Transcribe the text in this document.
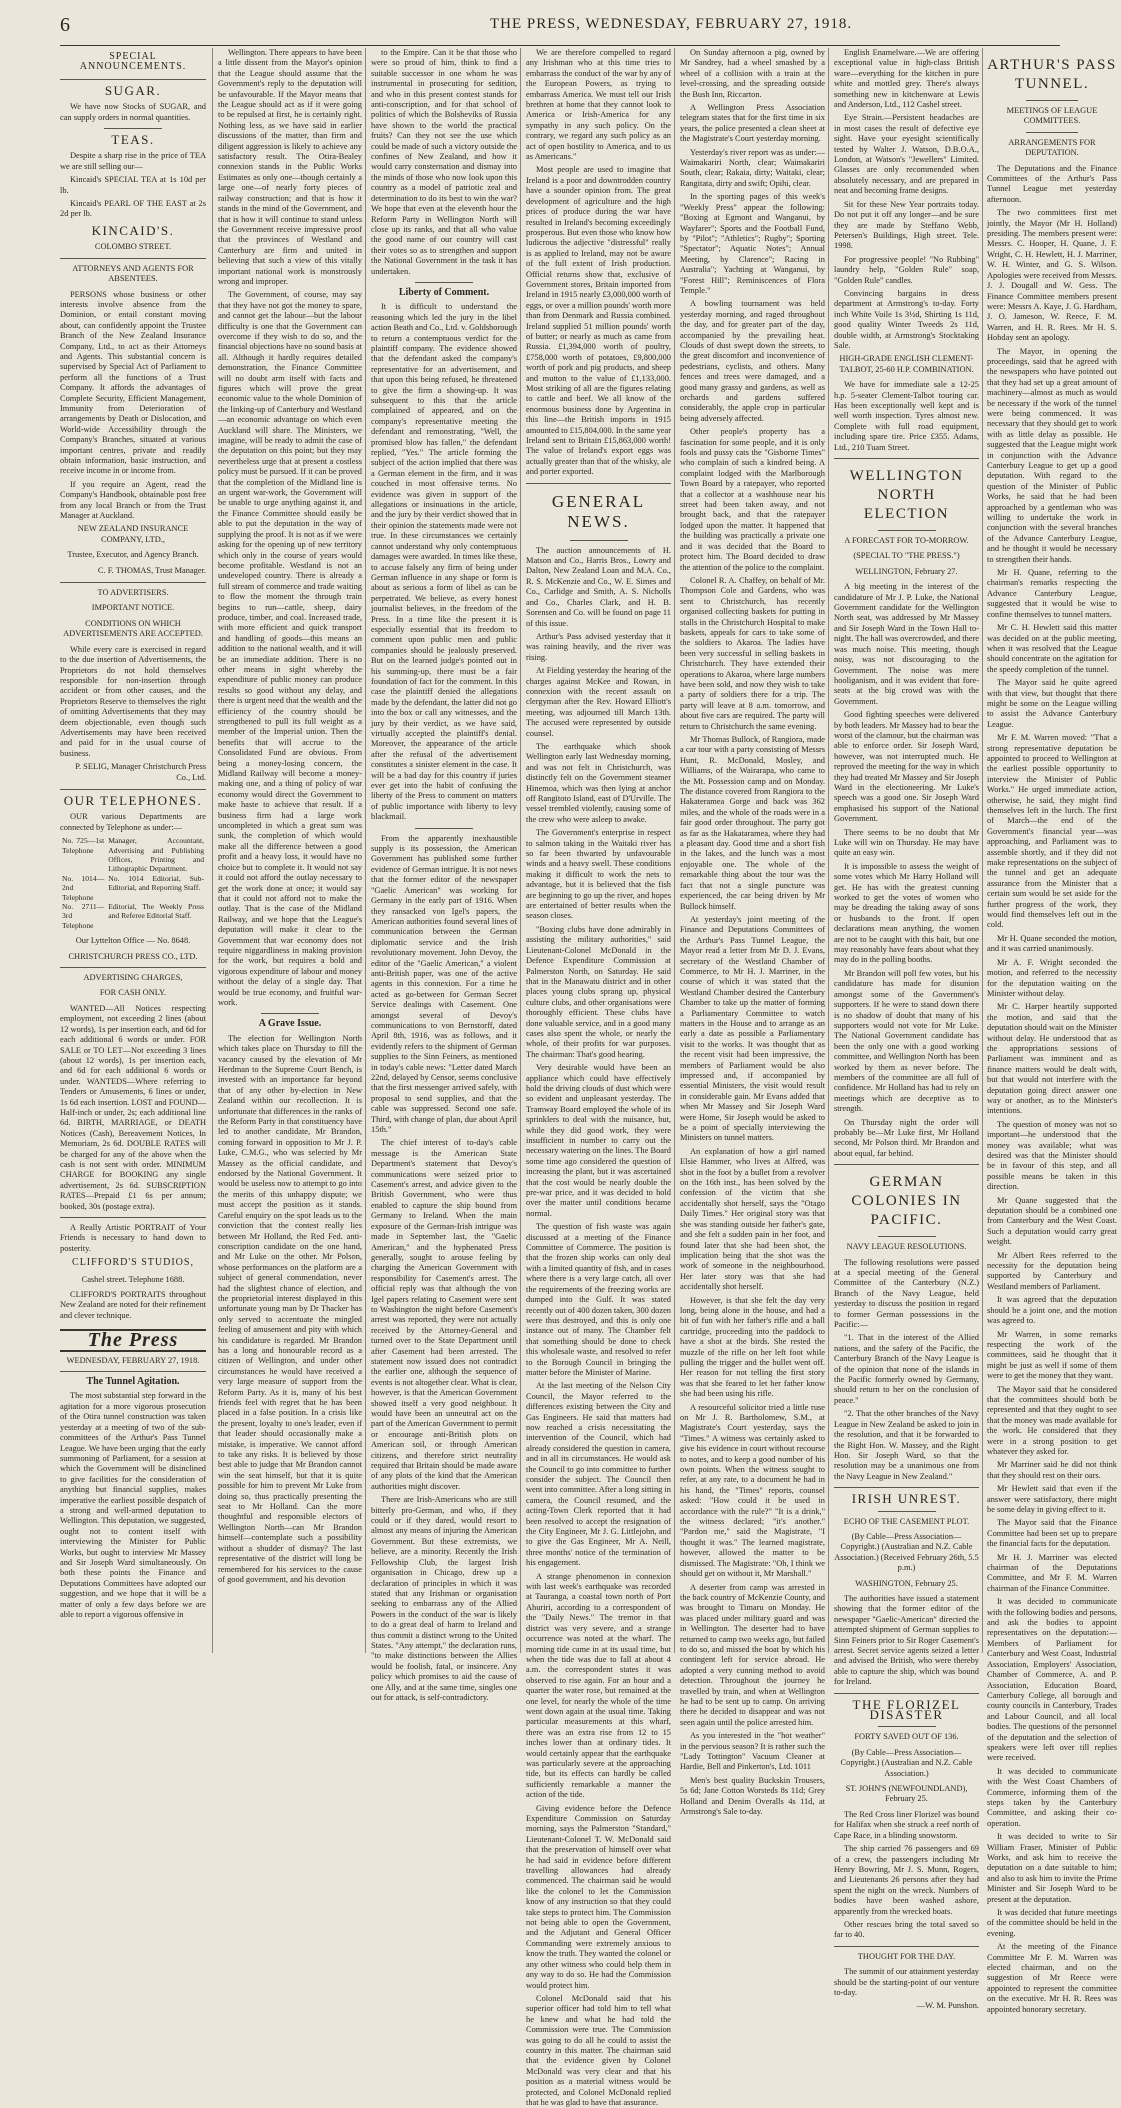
6	THE PRESS, WEDNESDAY, FEBRUARY 27, 1918.
SPECIAL ANNOUNCEMENTS.
SUGAR.

We have now Stocks of SUGAR, and can supply orders in normal quantities.

TEAS.

Despite a sharp rise in the price of TEA we are still selling our—

Kincaid's SPECIAL TEA at 1s 10d per lb.

Kincaid's PEARL OF THE EAST at 2s 2d per lb.

KINCAID'S.
COLOMBO STREET.
ATTORNEYS AND AGENTS FOR ABSENTEES.

PERSONS whose business or other interests involve absence from the Dominion, or entail constant moving about, can confidently appoint the Trustee Branch of the New Zealand Insurance Company, Ltd., to act as their Attorneys and Agents. This substantial concern is supervised by Special Act of Parliament to perform all the functions of a Trust Company. It affords the advantages of Complete Security, Efficient Management, Immunity from Deterioration of arrangements by Death or Dislocation, and World-wide Accessibility through the Company's Branches, situated at various important centres, private and readily obtain information, basic instruction, and receive income in or income from.

If you require an Agent, read the Company's Handbook, obtainable post free from any local Branch or from the Trust Manager at Auckland.

NEW ZEALAND INSURANCE COMPANY, LTD.,
Trustee, Executor, and Agency Branch.
C. F. THOMAS, Trust Manager.
TO ADVERTISERS.
IMPORTANT NOTICE.
CONDITIONS ON WHICH ADVERTISEMENTS ARE ACCEPTED.

While every care is exercised in regard to the due insertion of Advertisements, the Proprietors do not hold themselves responsible for non-insertion through accident or from other causes, and the Proprietors Reserve to themselves the right of omitting Advertisements that they may deem objectionable, even though such Advertisements may have been received and paid for in the usual course of business.

P. SELIG, Manager Christchurch Press Co., Ltd.
OUR TELEPHONES.

OUR various Departments are connected by Telephone as under:—

No. 725—1st Telephone	Manager, Accountant, Advertising and Publishing Offices, Printing and Lithographic Department.
No. 1014—2nd Telephone	No. 1014 Editorial, Sub-Editorial, and Reporting Staff.
No. 2711—3rd Telephone	Editorial, The Weekly Press and Referee Editorial Staff.
Our Lyttelton Office — No. 8648.
CHRISTCHURCH PRESS CO., LTD.
ADVERTISING CHARGES,
FOR CASH ONLY.

WANTED—All Notices respecting employment, not exceeding 2 lines (about 12 words), 1s per insertion each, and 6d for each additional 6 words or under. FOR SALE or TO LET—Not exceeding 3 lines (about 12 words), 1s per insertion each, and 6d for each additional 6 words or under. WANTEDS—Where referring to Tenders or Amusements, 6 lines or under, 1s 6d each insertion. LOST and FOUND—Half-inch or under, 2s; each additional line 6d. BIRTH, MARRIAGE, or DEATH Notices (Cash), Bereavement Notices, In Memoriam, 2s 6d. DOUBLE RATES will be charged for any of the above when the cash is not sent with order. MINIMUM CHARGE for BOOKING any single advertisement, 2s 6d. SUBSCRIPTION RATES—Prepaid £1 6s per annum; booked, 30s (postage extra).

A Really Artistic PORTRAIT of Your Friends is necessary to hand down to posterity.

CLIFFORD'S STUDIOS,
Cashel street. Telephone 1688.

CLIFFORD'S PORTRAITS throughout New Zealand are noted for their refinement and clever technique.

The Press
WEDNESDAY, FEBRUARY 27, 1918.
The Tunnel Agitation.

The most substantial step forward in the agitation for a more vigorous prosecution of the Otira tunnel construction was taken yesterday at a meeting of two of the sub-committees of the Arthur's Pass Tunnel League. We have been urging that the early summoning of Parliament, for a session at which the Government will be disinclined to give facilities for the consideration of anything but financial supplies, makes imperative the earliest possible despatch of a strong and well-armed deputation to Wellington. This deputation, we suggested, ought not to content itself with interviewing the Minister for Public Works, but ought to interview Mr Massey and Sir Joseph Ward simultaneously. On both these points the Finance and Deputations Committees have adopted our suggestion, and we hope that it will be a matter of only a few days before we are able to report a vigorous offensive in

Wellington. There appears to have been a little dissent from the Mayor's opinion that the League should assume that the Government's reply to the deputation will be unfavourable. If the Mayor means that the League should act as if it were going to be repulsed at first, he is certainly right. Nothing less, as we have said in earlier discussions of the matter, than firm and diligent aggression is likely to achieve any satisfactory result. The Otira-Bealey connexion stands in the Public Works Estimates as only one—though certainly a large one—of nearly forty pieces of railway construction; and that is how it stands in the mind of the Government, and that is how it will continue to stand unless the Government receive impressive proof that the provinces of Westland and Canterbury are firm and united in believing that such a view of this vitally important national work is monstrously wrong and improper.

The Government, of course, may say that they have not got the money to spare, and cannot get the labour—but the labour difficulty is one that the Government can overcome if they wish to do so, and the financial objections have no sound basis at all. Although it hardly requires detailed demonstration, the Finance Committee will no doubt arm itself with facts and figures which will prove the great economic value to the whole Dominion of the linking-up of Canterbury and Westland—an economic advantage on which even Auckland will share. The Ministers, we imagine, will be ready to admit the case of the deputation on this point; but they may nevertheless urge that at present a costless policy must be pursued. If it can be proved that the completion of the Midland line is an urgent war-work, the Government will be unable to urge anything against it, and the Finance Committee should easily be able to put the deputation in the way of supplying the proof. It is not as if we were asking for the opening up of new territory which only in the course of years would become profitable. Westland is not an undeveloped country. There is already a full stream of commerce and trade waiting to flow the moment the through train begins to run—cattle, sheep, dairy produce, timber, and coal. Increased trade, with more efficient and quick transport and handling of goods—this means an addition to the national wealth, and it will be an immediate addition. There is no other means in sight whereby the expenditure of public money can produce results so good without any delay, and there is urgent need that the wealth and the efficiency of the country should be strengthened to pull its full weight as a member of the Imperial union. Then the benefits that will accrue to the Consolidated Fund are obvious. From being a money-losing concern, the Midland Railway will become a money-making one, and a thing of policy of war economy would direct the Government to make haste to achieve that result. If a business firm had a large work uncompleted in which a great sum was sunk, the completion of which would make all the difference between a good profit and a heavy loss, it would have no choice but to complete it. It would not say it could not afford the outlay necessary to get the work done at once; it would say that it could not afford not to make the outlay. That is the case of the Midland Railway, and we hope that the League's deputation will make it clear to the Government that war economy does not require niggardliness in making provision for the work, but requires a bold and vigorous expenditure of labour and money without the delay of a single day. That would be true economy, and fruitful war-work.

A Grave Issue.

The election for Wellington North which takes place on Thursday to fill the vacancy caused by the elevation of Mr Herdman to the Supreme Court Bench, is invested with an importance far beyond that of any other by-election in New Zealand within our recollection. It is unfortunate that differences in the ranks of the Reform Party in that constituency have led to another candidate, Mr Brandon, coming forward in opposition to Mr J. P. Luke, C.M.G., who was selected by Mr Massey as the official candidate, and endorsed by the National Government. It would be useless now to attempt to go into the merits of this unhappy dispute; we must accept the position as it stands. Careful enquiry on the spot leads us to the conviction that the contest really lies between Mr Holland, the Red Fed. anti-conscription candidate on the one hand, and Mr Luke on the other. Mr Polson, whose performances on the platform are a subject of general commendation, never had the slightest chance of election, and the proprietorial interest displayed in this unfortunate young man by Dr Thacker has only served to accentuate the mingled feeling of amusement and pity with which his candidature is regarded. Mr Brandon has a long and honourable record as a citizen of Wellington, and under other circumstances he would have received a very large measure of support from the Reform Party. As it is, many of his best friends feel with regret that he has been placed in a false position. In a crisis like the present, loyalty to one's leader, even if that leader should occasionally make a mistake, is imperative. We cannot afford to take any risks. It is believed by those best able to judge that Mr Brandon cannot win the seat himself, but that it is quite possible for him to prevent Mr Luke from doing so, thus practically presenting the seat to Mr Holland. Can the more thoughtful and responsible electors of Wellington North—can Mr Brandon himself—contemplate such a possibility without a shudder of dismay? The last representative of the district will long be remembered for his services to the cause of good government, and his devotion

to the Empire. Can it be that those who were so proud of him, think to find a suitable successor in one whom he was instrumental in prosecuting for sedition, and who in this present contest stands for anti-conscription, and for that school of politics of which the Bolsheviks of Russia have shown to the world the practical fruits? Can they not see the use which could be made of such a victory outside the confines of New Zealand, and how it would carry consternation and dismay into the minds of those who now look upon this country as a model of patriotic zeal and determination to do its best to win the war? We hope that even at the eleventh hour the Reform Party in Wellington North will close up its ranks, and that all who value the good name of our country will cast their votes so as to strengthen and support the National Government in the task it has undertaken.

Liberty of Comment.

It is difficult to understand the reasoning which led the jury in the libel action Beath and Co., Ltd. v. Goldsborough to return a contemptuous verdict for the plaintiff company. The evidence showed that the defendant asked the company's representative for an advertisement, and that upon this being refused, he threatened to give the firm a showing-up. It was subsequent to this that the article complained of appeared, and on the company's representative meeting the defendant and remonstrating, "Well, the promised blow has fallen," the defendant replied, "Yes." The article forming the subject of the action implied that there was a German element in the firm, and it was couched in most offensive terms. No evidence was given in support of the allegations or insinuations in the article, and the jury by their verdict showed that in their opinion the statements made were not true. In these circumstances we certainly cannot understand why only contemptuous damages were awarded. In times like these, to accuse falsely any firm of being under German influence in any shape or form is about as serious a form of libel as can be perpetrated. We believe, as every honest journalist believes, in the freedom of the Press. In a time like the present it is especially essential that its freedom to comment upon public men and public companies should be jealously preserved. But on the learned judge's pointed out in his summing-up, there must be a fair foundation of fact for the comment. In this case the plaintiff denied the allegations made by the defendant, the latter did not go into the box or call any witnesses, and the jury by their verdict, as we have said, virtually accepted the plaintiff's denial. Moreover, the appearance of the article after the refusal of the advertisement constitutes a sinister element in the case. It will be a bad day for this country if juries ever get into the habit of confusing the liberty of the Press to comment on matters of public importance with liberty to levy blackmail.

From the apparently inexhaustible supply is its possession, the American Government has published some further evidence of German intrigue. It is not news that the former editor of the newspaper "Gaelic American" was working for Germany in the early part of 1916. When they ransacked von Igel's papers, the American authorities found several lines of communication between the German diplomatic service and the Irish revolutionary movement. John Devoy, the editor of the "Gaelic American," a violent anti-British paper, was one of the active agents in this connexion. For a time he acted as go-between for German Secret Service dealings with Casement. One amongst several of Devoy's communications to von Bernstorff, dated April 8th, 1916, was as follows, and it evidently refers to the shipment of German supplies to the Sinn Feiners, as mentioned in today's cable news: "Letter dated March 22nd, delayed by Censor, seems conclusive that the first messenger arrived safely, with proposal to send supplies, and that the cable was suppressed. Second one safe. Third, with change of plan, due about April 15th."

The chief interest of to-day's cable message is the American State Department's statement that Devoy's communications were seized prior to Casement's arrest, and advice given to the British Government, who were thus enabled to capture the ship bound from Germany to Ireland. When the main exposure of the German-Irish intrigue was made in September last, the "Gaelic American," and the hyphenated Press generally, sought to arouse feeling by charging the American Government with responsibility for Casement's arrest. The official reply was that although the von Igel papers relating to Casement were sent to Washington the night before Casement's arrest was reported, they were not actually received by the Attorney-General and turned over to the State Department until after Casement had been arrested. The statement now issued does not contradict the earlier one, although the sequence of events is not altogether clear. What is clear, however, is that the American Government showed itself a very good neighbour. It would have been an unneutral act on the part of the American Government to permit or encourage anti-British plots on American soil, or through American citizens, and therefore strict neutrality required that Britain should be made aware of any plots of the kind that the American authorities might discover.

There are Irish-Americans who are still bitterly pro-German, and who, if they could or if they dared, would resort to almost any means of injuring the American Government. But these extremists, we believe, are a minority. Recently the Irish Fellowship Club, the largest Irish organisation in Chicago, drew up a declaration of principles in which it was stated that any Irishman or organisation seeking to embarrass any of the Allied Powers in the conduct of the war is likely to do a great deal of harm to Ireland and thus commit a distinct wrong to the United States. "Any attempt," the declaration runs, "to make distinctions between the Allies would be foolish, fatal, or insincere. Any policy which promises to aid the cause of one Ally, and at the same time, singles one out for attack, is self-contradictory.

We are therefore compelled to regard any Irishman who at this time tries to embarrass the conduct of the war by any of the European Powers, as trying to embarrass America. We must tell our Irish brethren at home that they cannot look to America or Irish-America for any sympathy in any such policy. On the contrary, we regard any such policy as an act of open hostility to America, and to us as Americans."

Most people are used to imagine that Ireland is a poor and downtrodden country have a sounder opinion from. The great development of agriculture and the high prices of produce during the war have resulted in Ireland's becoming exceedingly prosperous. But even those who know how ludicrous the adjective "distressful" really is as applied to Ireland, may not be aware of the full extent of Irish production. Official returns show that, exclusive of Government stores, Britain imported from Ireland in 1915 nearly £3,000,000 worth of eggs, or over a million pounds' worth more than from Denmark and Russia combined. Ireland supplied 51 million pounds' worth of butter; or nearly as much as came from Russia. £1,394,000 worth of poultry, £758,000 worth of potatoes, £9,800,000 worth of pork and pig products, and sheep and mutton to the value of £1,133,000. Most striking of all are the figures relating to cattle and beef. We all know of the enormous business done by Argentina in this line—the British imports in 1915 amounted to £15,804,000. In the same year Ireland sent to Britain £15,863,000 worth! The value of Ireland's export eggs was actually greater than that of the whisky, ale and porter exported.

GENERAL NEWS.

The auction announcements of H. Matson and Co., Harris Bros., Lowry and Dalton, New Zealand Loan and M.A. Co., R. S. McKenzie and Co., W. E. Simes and Co., Carlidge and Smith, A. S. Nicholls and Co., Charles Clark, and H. B. Sorensen and Co. will be found on page 11 of this issue.

Arthur's Pass advised yesterday that it was raining heavily, and the river was rising.

At Fielding yesterday the hearing of the charges against McKee and Rowan, in connexion with the recent assault on clergyman after the Rev. Howard Elliott's meeting, was adjourned till March 13th. The accused were represented by outside counsel.

The earthquake which shook Wellington early last Wednesday morning, and was not felt in Christchurch, was distinctly felt on the Government steamer Hinemoa, which was then lying at anchor off Rangitoto Island, east of D'Urville. The vessel trembled violently, causing some of the crew who were asleep to awake.

The Government's enterprise in respect to salmon taking in the Waitaki river has so far been thwarted by unfavourable winds and a heavy swell. These conditions making it difficult to work the nets to advantage, but it is believed that the fish are beginning to go up the river, and hopes are entertained of better results when the season closes.

"Boxing clubs have done admirably in assisting the military authorities," said Lieutenant-Colonel McDonald in the Defence Expenditure Commission at Palmerston North, on Saturday. He said that in the Manawatu district and in other places young clubs sprang up, physical culture clubs, and other organisations were thoroughly efficient. These clubs have done valuable service, and in a good many cases also spent the whole, or nearly the whole, of their profits for war purposes. The chairman: That's good hearing.

Very desirable would have been an appliance which could have effectively hold the driving clouds of dust which were so evident and unpleasant yesterday. The Tramway Board employed the whole of its sprinklers to deal with the nuisance, but, while they did good work, they were insufficient in number to carry out the necessary watering on the lines. The Board some time ago considered the question of increasing the plant, but it was ascertained that the cost would be nearly double the pre-war price, and it was decided to hold over the matter until conditions became normal.

The question of fish waste was again discussed at a meeting of the Finance Committee of Commerce. The position is that the frozen ship works can only deal with a limited quantity of fish, and in cases where there is a very large catch, all over the requirements of the freezing works are dumped into the Gulf. It was stated recently out of 400 dozen taken, 300 dozen were thus destroyed, and this is only one instance out of many. The Chamber felt that something should be done to check this wholesale waste, and resolved to refer to the Borough Council in bringing the matter before the Minister of Marine.

At the last meeting of the Nelson City Council, the Mayor referred to the differences existing between the City and Gas Engineers. He said that matters had now reached a crisis necessitating the intervention of the Council, which had already considered the question in camera, and in all its circumstances. He would ask the Council to go into committee to further consider the subject. The Council then went into committee. After a long sitting in camera, the Council resumed, and the acting-Town Clerk reported that it had been resolved to accept the resignation of the City Engineer, Mr J. G. Littlejohn, and to give the Gas Engineer, Mr A. Neill, three months' notice of the termination of his engagement.

A strange phenomenon in connexion with last week's earthquake was recorded at Tauranga, a coastal town north of Port Ahuriri, according to a correspondent of the "Daily News." The tremor in that district was very severe, and a strange occurrence was noted at the wharf. The morning tide came in at its usual time, but when the tide was due to fall at about 4 a.m. the correspondent states it was observed to rise again. For an hour and a quarter the water rose, but remained at the one level, for nearly the whole of the time went down again at the usual time. Taking particular measurements at this wharf, there was an extra rise from 12 to 15 inches lower than at ordinary tides. It would certainly appear that the earthquake was particularly severe at the approaching tide, but its effects can hardly be called sufficiently remarkable a manner the action of the tide.

Giving evidence before the Defence Expenditure Commission on Saturday morning, says the Palmerston "Standard," Lieutenant-Colonel T. W. McDonald said that the preservation of himself over what he had said in evidence before different travelling allowances had already commenced. The chairman said he would like the colonel to let the Commission know of any instruction so that they could take steps to protect him. The Commission not being able to open the Government, and the Adjutant and General Officer Commanding were extremely anxious to know the truth. They wanted the colonel or any other witness who could help them in any way to do so. He had the Commission would protect him.

Colonel McDonald said that his superior officer had told him to tell what he knew and what he had told the Commission were true. The Commission was going to do all he could to assist the country in this matter. The chairman said that the evidence given by Colonel McDonald was very clear and that his position as a material witness would be protected, and Colonel McDonald replied that he was glad to have that assurance.

On Sunday afternoon a pig, owned by Mr Sandrey, had a wheel smashed by a wheel of a collision with a train at the level-crossing, and the spreading outside the Bush Inn, Riccarton.

A Wellington Press Association telegram states that for the first time in six years, the police presented a clean sheet at the Magistrate's Court yesterday morning.

Yesterday's river report was as under:—Waimakariri North, clear; Waimakariri South, clear; Rakaia, dirty; Waitaki, clear; Rangitata, dirty and swift; Opihi, clear.

In the sporting pages of this week's "Weekly Press" appear the following: "Boxing at Egmont and Wanganui, by Wayfarer"; Sports and the Football Fund, by "Pilot"; "Athletics"; Rugby"; Sporting "Spectator"; Aquatic Notes"; Annual Meeting, by Clarence"; Racing in Australia"; Yachting at Wanganui, by "Forest Hill"; Reminiscences of Flora Temple."

A bowling tournament was held yesterday morning, and raged throughout the day, and for greater part of the day, accompanied by the prevailing heat. Clouds of dust swept down the streets, to the great discomfort and inconvenience of pedestrians, cyclists, and others. Many fences and trees were damaged, and a good many grassy and gardens, as well as orchards and gardens suffered considerably, the apple crop in particular being adversely affected.

Other people's property has a fascination for some people, and it is only fools and pussy cats the "Gisborne Times" who complain of such a kindred being. A complaint lodged with the Marlborough Town Board by a ratepayer, who reported that a collector at a washhouse near his street had been taken away, and not brought back, and that the ratepayer lodged upon the matter. It happened that the building was practically a private one and it was decided that the Board to protect him. The Board decided to draw the attention of the police to the complaint.

Colonel R. A. Chaffey, on behalf of Mr. Thompson Cole and Gardens, who was sent to Christchurch, has recently organised collecting baskets for putting in stalls in the Christchurch Hospital to make baskets, appeals for cars to take some of the soldiers to Akaroa. The ladies have been very successful in selling baskets in Christchurch. They have extended their operations to Akaroa, where large numbers have been sold, and now they wish to take a party of soldiers there for a trip. The party will leave at 8 a.m. tomorrow, and about five cars are required. The party will return to Christchurch the same evening.

Mr Thomas Bullock, of Rangiora, made a car tour with a party consisting of Messrs Hunt, R. McDonald, Mosley, and Williams, of the Wairarapa, who came to the Mt. Possession camp and on Monday. The distance covered from Rangiora to the Hakateramea Gorge and back was 362 miles, and the whole of the roads were in a fair good order throughout. The party got as far as the Hakataramea, where they had a pleasant day. Good time and a short fish in the lakes, and the lunch was a most enjoyable one. The whole of the remarkable thing about the tour was the fact that not a single puncture was experienced, the car being driven by Mr Bullock himself.

At yesterday's joint meeting of the Finance and Deputations Committees of the Arthur's Pass Tunnel League, the Mayor read a letter from Mr D. J. Evans, secretary of the Westland Chamber of Commerce, to Mr H. J. Marriner, in the course of which it was stated that the Westland Chamber desired the Canterbury Chamber to take up the matter of forming a Parliamentary Committee to watch matters in the House and to arrange as an early a date as possible a Parliamentary visit to the works. It was thought that as the recent visit had been impressive, the members of Parliament would be also impressed and, if accompanied by essential Ministers, the visit would result in considerable gain. Mr Evans added that when Mr Massey and Sir Joseph Ward were Home, Sir Joseph would be asked to be a point of specially interviewing the Ministers on tunnel matters.

An explanation of how a girl named Elsie Hammer, who lives at Alfred, was shot in the foot by a bullet from a revolver on the 16th inst., has been solved by the confession of the victim that she accidentally shot herself, says the "Otago Daily Times." Her original story was that she was standing outside her father's gate, and she felt a sudden pain in her foot, and found later that she had been shot, the implication being that the shot was the work of someone in the neighbourhood. Her later story was that she had accidentally shot herself.

However, is that she felt the day very long, being alone in the house, and had a bit of fun with her father's rifle and a ball cartridge, proceeding into the paddock to have a shot at the birds. She rested the muzzle of the rifle on her left foot while pulling the trigger and the bullet went off. Her reason for not telling the first story was that she feared to let her father know she had been using his rifle.

A resourceful solicitor tried a little ruse on Mr J. R. Bartholomew, S.M., at Magistrate's Court yesterday, says the "Times." A witness was certainly asked to give his evidence in court without recourse to notes, and to keep a good number of his own points. When the witness sought to refer, at any rate, to a document he had in his hand, the "Times" reports, counsel asked: "How could it be used in accordance with the rule?" "It is a drink," the witness declared; "it's another." "Pardon me," said the Magistrate, "I thought it was." The learned magistrate, however, allowed the matter to be dismissed. The Magistrate: "Oh, I think we should get on without it, Mr Marshall."

A deserter from camp was arrested in the back country of McKenzie County, and was brought to Timaru on Monday. He was placed under military guard and was in Wellington. The deserter had to have returned to camp two weeks ago, but failed to do so, and missed the boat by which his contingent left for service abroad. He adopted a very cunning method to avoid detection. Throughout the journey he travelled by train, and when at Wellington he had to be sent up to camp. On arriving there he decided to disappear and was not seen again until the police arrested him.

As you interested in the "hot weather" in the pervious season? It is rather such the "Lady Tottington" Vacuum Cleaner at Hardie, Bell and Pinkerton's, Ltd. 1011

Men's best quality Buckskin Trousers, 5s 6d; Jane Cotton Worsteds 8s 11d; Grey Holland and Denim Overalls 4s 11d, at Armstrong's Sale to-day.

English Enamelware.—We are offering exceptional value in high-class British ware—everything for the kitchen in pure white and mottled grey. There's always something new in kitchenware at Lewis and Anderson, Ltd., 112 Cashel street.

Eye Strain.—Persistent headaches are in most cases the result of defective eye sight. Have your eyesight scientifically tested by Walter J. Watson, D.B.O.A., London, at Watson's "Jewellers" Limited. Glasses are only recommended when absolutely necessary, and are prepared in neat and becoming frame designs.

Sit for these New Year portraits today. Do not put it off any longer—and be sure they are made by Steffano Webb, Petersen's Buildings, High street. Tele. 1998.

For progressive people! "No Rubbing" laundry help, "Golden Rule" soap, "Golden Rule" candles.

Convincing bargains in dress department at Armstrong's to-day. Forty inch White Voile 1s 3½d, Shirting 1s 11d, good quality Winter Tweeds 2s 11d, double width, at Armstrong's Stocktaking Sale.

HIGH-GRADE ENGLISH CLEMENT-TALBOT, 25-60 H.P. COMBINATION.

We have for immediate sale a 12-25 h.p. 5-seater Clement-Talbot touring car. Has been exceptionally well kept and is well worth inspection. Tyres almost new. Complete with full road equipment, including spare tire. Price £355. Adams, Ltd., 210 Tuam Street.

WELLINGTON NORTH ELECTION
A FORECAST FOR TO-MORROW.
(SPECIAL TO "THE PRESS.")
WELLINGTON, February 27.

A big meeting in the interest of the candidature of Mr J. P. Luke, the National Government candidate for the Wellington North seat, was addressed by Mr Massey and Sir Joseph Ward in the Town Hall to-night. The hall was overcrowded, and there was much noise. This meeting, though noisy, was not discouraging to the Government. The noise was mere hooliganism, and it was evident that fore-seats at the big crowd was with the Government.

Good fighting speeches were delivered by both leaders. Mr Massey had to bear the worst of the clamour, but the chairman was able to enforce order. Sir Joseph Ward, however, was not interrupted much. He reproved the meeting for the way in which they had treated Mr Massey and Sir Joseph Ward in the electioneering. Mr Luke's speech was a good one. Sir Joseph Ward emphasised his support of the National Government.

There seems to be no doubt that Mr Luke will win on Thursday. He may have quite an easy win.

It is impossible to assess the weight of some votes which Mr Harry Holland will get. He has with the greatest cunning worked to get the votes of women who may be dreading the taking away of sons or husbands to the front. If open declarations mean anything, the women are not to be caught with this bait, but one may reasonably have fears about what they may do in the polling booths.

Mr Brandon will poll few votes, but his candidature has made for disunion amongst some of the Government's supporters. If he were to stand down there is no shadow of doubt that many of his supporters would not vote for Mr Luke. The National Government candidate has been the only one with a good working committee, and Wellington North has been worked by them as never before. The members of the committee are all full of confidence. Mr Holland has had to rely on meetings which are deceptive as to strength.

On Thursday night the order will probably be—Mr Luke first, Mr Holland second, Mr Polson third. Mr Brandon and about equal, far behind.

GERMAN COLONIES IN PACIFIC.
NAVY LEAGUE RESOLUTIONS.

The following resolutions were passed at a special meeting of the General Committee of the Canterbury (N.Z.) Branch of the Navy League, held yesterday to discuss the position in regard to former German possessions in the Pacific:—

"1. That in the interest of the Allied nations, and the safety of the Pacific, the Canterbury Branch of the Navy League is of the opinion that none of the islands in the Pacific formerly owned by Germany, should return to her on the conclusion of peace."

"2. That the other branches of the Navy League in New Zealand be asked to join in the resolution, and that it be forwarded to the Right Hon. W. Massey, and the Right Hon. Sir Joseph Ward, so that the resolution may be a unanimous one from the Navy League in New Zealand."

IRISH UNREST.
ECHO OF THE CASEMENT PLOT.
(By Cable—Press Association—Copyright.) (Australian and N.Z. Cable Association.) (Received February 26th, 5.5 p.m.)
WASHINGTON, February 25.

The authorities have issued a statement showing that the former editor of the newspaper "Gaelic-American" directed the attempted shipment of German supplies to Sinn Feiners prior to Sir Roger Casement's arrest. Secret service agents seized a letter and advised the British, who were thereby able to capture the ship, which was bound for Ireland.

THE FLORIZEL DISASTER
FORTY SAVED OUT OF 136.
(By Cable—Press Association—Copyright.) (Australian and N.Z. Cable Association.)
ST. JOHN'S (NEWFOUNDLAND), February 25.

The Red Cross liner Florizel was bound for Halifax when she struck a reef north of Cape Race, in a blinding snowstorm.

The ship carried 76 passengers and 69 of a crew, the passengers including Mr Henry Bowring, Mr J. S. Munn, Rogers, and Lieutenants 26 persons after they had spent the night on the wreck. Numbers of bodies have been washed ashore, apparently from the wrecked boats.

Other rescues bring the total saved so far to 40.

THOUGHT FOR THE DAY.

The summit of our attainment yesterday should be the starting-point of our venture to-day.

—W. M. Punshon.
ARTHUR'S PASS TUNNEL.
MEETINGS OF LEAGUE COMMITTEES.
ARRANGEMENTS FOR DEPUTATION.

The Deputations and the Finance Committees of the Arthur's Pass Tunnel League met yesterday afternoon.

The two committees first met jointly, the Mayor (Mr H. Holland) presiding. The members present were: Messrs. C. Hooper, H. Quane, J. F. Wright, C. H. Hewlett, H. J. Marriner, W. H. Winter, and G. S. Wilson. Apologies were received from Messrs. J. J. Dougall and W. Gess. The Finance Committee members present were: Messrs A. Kaye, J. G. Hardham, J. O. Jameson, W. Reece, F. M. Warren, and H. R. Rees. Mr H. S. Hobday sent an apology.

The Mayor, in opening the proceedings, said that he agreed with the newspapers who have pointed out that they had set up a great amount of machinery—almost as much as would be necessary if the work of the tunnel were being commenced. It was necessary that they should get to work with as little delay as possible. He suggested that the League might work in conjunction with the Advance Canterbury League to get up a good deputation. With regard to the question of the Minister of Public Works, he said that he had been approached by a gentleman who was willing to undertake the work in conjunction with the several branches of the Advance Canterbury League, and he thought it would be necessary to strengthen their hands.

Mr H. Quane, referring to the chairman's remarks respecting the Advance Canterbury League, suggested that it would be wise to confine themselves to tunnel matters.

Mr C. H. Hewlett said this matter was decided on at the public meeting, when it was resolved that the League should concentrate on the agitation for the speedy completion of the tunnel.

The Mayor said he quite agreed with that view, but thought that there might be some on the League willing to assist the Advance Canterbury League.

Mr F. M. Warren moved: "That a strong representative deputation be appointed to proceed to Wellington at the earliest possible opportunity to interview the Minister of Public Works." He urged immediate action, otherwise, he said, they might find themselves left in the lurch. The first of March—the end of the Government's financial year—was approaching, and Parliament was to assemble shortly, and if they did not make representations on the subject of the tunnel and get an adequate assurance from the Minister that a certain sum would be set aside for the further progress of the work, they would find themselves left out in the cold.

Mr H. Quane seconded the motion, and it was carried unanimously.

Mr A. F. Wright seconded the motion, and referred to the necessity for the deputation waiting on the Minister without delay.

Mr C. Harper heartily supported the motion, and said that the deputation should wait on the Minister without delay. He understood that as the appropriations sessions of Parliament was imminent and as finance matters would be dealt with, but that would not interfere with the deputation going direct answer one way or another, as to the Minister's intentions.

The question of money was not so important—he understood that the money was available; what was desired was that the Minister should be in favour of this step, and all possible means be taken in this direction.

Mr Quane suggested that the deputation should be a combined one from Canterbury and the West Coast. Such a deputation would carry great weight.

Mr Albert Rees referred to the necessity for the deputation being supported by Canterbury and Westland members of Parliament.

It was agreed that the deputation should be a joint one, and the motion was agreed to.

Mr Warren, in some remarks respecting the work of the committees, said he thought that it might be just as well if some of them were to get the money that they want.

The Mayor said that he considered that the committees should both be represented and that they ought to see that the money was made available for the work. He considered that they were in a strong position to get whatever they asked for.

Mr Marriner said he did not think that they should rest on their oars.

Mr Hewlett said that even if the answer were satisfactory, there might be some delay in giving effect to it.

The Mayor said that the Finance Committee had been set up to prepare the financial facts for the deputation.

Mr H. J. Marriner was elected chairman of the Deputations Committee, and Mr F. M. Warren chairman of the Finance Committee.

It was decided to communicate with the following bodies and persons, and ask the bodies to appoint representatives on the deputation:—Members of Parliament for Canterbury and West Coast, Industrial Association, Employers' Association, Chamber of Commerce, A. and P. Association, Education Board, Canterbury College, all borough and county councils in Canterbury, Trades and Labour Council, and all local bodies. The questions of the personnel of the deputation and the selection of speakers were left over till replies were received.

It was decided to communicate with the West Coast Chambers of Commerce, informing them of the steps taken by the Canterbury Committee, and asking their co-operation.

It was decided to write to Sir William Fraser, Minister of Public Works, and ask him to receive the deputation on a date suitable to him; and also to ask him to invite the Prime Minister and Sir Joseph Ward to be present at the deputation.

It was decided that future meetings of the committee should be held in the evening.

At the meeting of the Finance Committee Mr F. M. Warren was elected chairman, and on the suggestion of Mr Reece were appointed to represent the committee on the executive. Mr H. R. Rees was appointed honorary secretary.
